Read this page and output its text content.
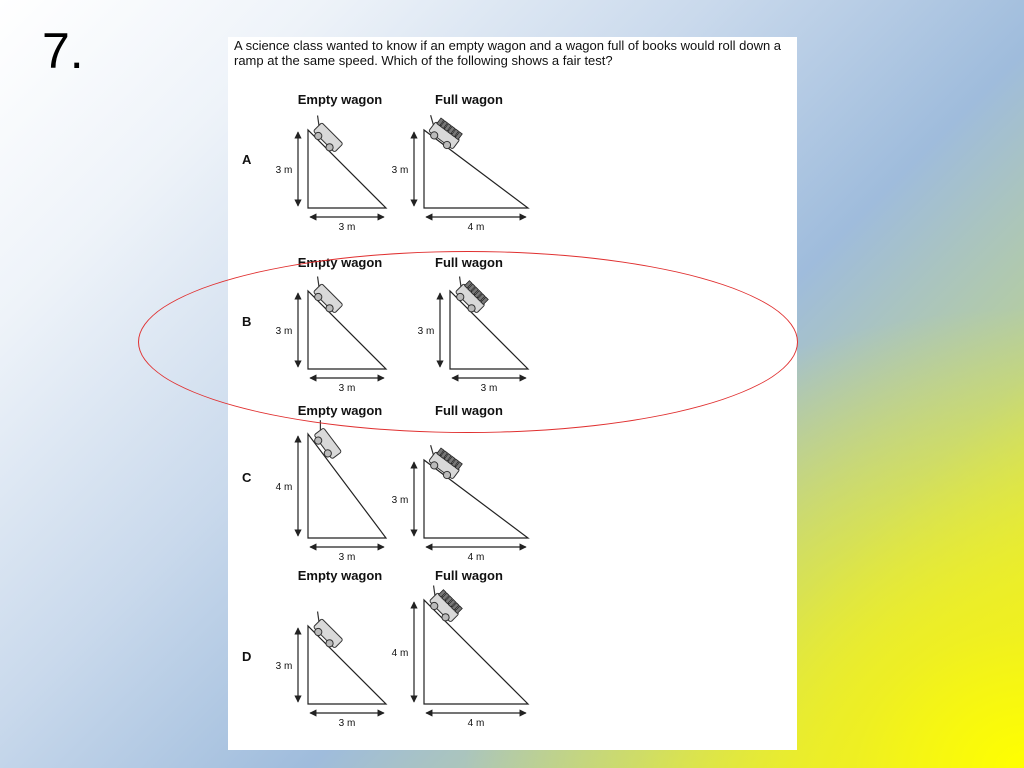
7.	A science class wanted to know if an empty wagon and a wagon full of books would roll down a ramp at the same speed. Which of the following shows a fair test?
Empty wagon	Full wagon
A
3 m
3 m
3 m
4 m
Empty wagon	Full wagon
B
3 m
3 m
3 m
3 m
Empty wagon	Full wagon
C
4 m
3 m
3 m
4 m
Empty wagon	Full wagon
D
3 m
3 m
4 m
4 m
